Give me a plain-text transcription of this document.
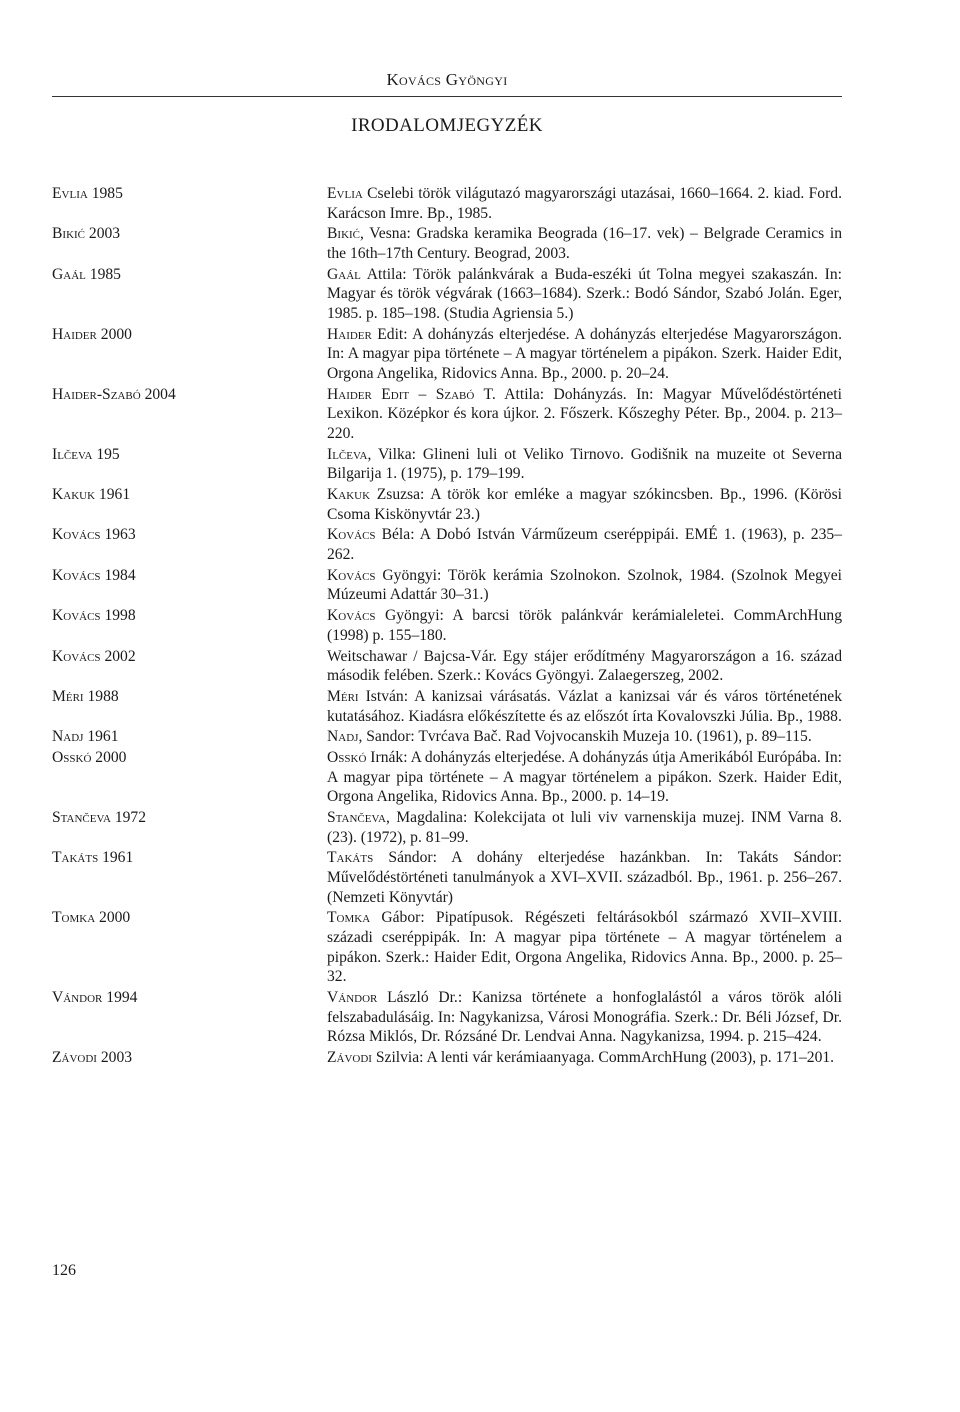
Kovács Gyöngyi
IRODALOMJEGYZÉK
Evlia 1985	Evlia Cselebi török világutazó magyarországi utazásai, 1660–1664. 2. kiad. Ford. Karácson Imre. Bp., 1985.
Bikić 2003	Bikić, Vesna: Gradska keramika Beograda (16–17. vek) – Belgrade Ceramics in the 16th–17th Century. Beograd, 2003.
Gaál 1985	Gaál Attila: Török palánkvárak a Buda-eszéki út Tolna megyei szakaszán. In: Magyar és török végvárak (1663–1684). Szerk.: Bodó Sándor, Szabó Jolán. Eger, 1985. p. 185–198. (Studia Agriensia 5.)
Haider 2000	Haider Edit: A dohányzás elterjedése. A dohányzás elterjedése Magyarországon. In: A magyar pipa története – A magyar történelem a pipákon. Szerk. Haider Edit, Orgona Angelika, Ridovics Anna. Bp., 2000. p. 20–24.
Haider-Szabó 2004	Haider Edit – Szabó T. Attila: Dohányzás. In: Magyar Művelődéstörténeti Lexikon. Középkor és kora újkor. 2. Főszerk. Kőszeghy Péter. Bp., 2004. p. 213–220.
Ilčeva 195	Ilčeva, Vilka: Glineni luli ot Veliko Tirnovo. Godišnik na muzeite ot Severna Bilgarija 1. (1975), p. 179–199.
Kakuk 1961	Kakuk Zsuzsa: A török kor emléke a magyar szókincsben. Bp., 1996. (Körösi Csoma Kiskönyvtár 23.)
Kovács 1963	Kovács Béla: A Dobó István Várműzeum cseréppipái. EMÉ 1. (1963), p. 235–262.
Kovács 1984	Kovács Gyöngyi: Török kerámia Szolnokon. Szolnok, 1984. (Szolnok Megyei Múzeumi Adattár 30–31.)
Kovács 1998	Kovács Gyöngyi: A barcsi török palánkvár kerámialeletei. CommArchHung (1998) p. 155–180.
Kovács 2002	Weitschawar / Bajcsa-Vár. Egy stájer erődítmény Magyarországon a 16. század második felében. Szerk.: Kovács Gyöngyi. Zalaegerszeg, 2002.
Méri 1988	Méri István: A kanizsai várásatás. Vázlat a kanizsai vár és város történetének kutatásához. Kiadásra előkészítette és az előszót írta Kovalovszki Júlia. Bp., 1988.
Nadj 1961	Nadj, Sandor: Tvrćava Bač. Rad Vojvocanskih Muzeja 10. (1961), p. 89–115.
Osskó 2000	Osskó Irnák: A dohányzás elterjedése. A dohányzás útja Amerikából Európába. In: A magyar pipa története – A magyar történelem a pipákon. Szerk. Haider Edit, Orgona Angelika, Ridovics Anna. Bp., 2000. p. 14–19.
Stančeva 1972	Stančeva, Magdalina: Kolekcijata ot luli viv varnenskija muzej. INM Varna 8. (23). (1972), p. 81–99.
Takáts 1961	Takáts Sándor: A dohány elterjedése hazánkban. In: Takáts Sándor: Művelődéstörténeti tanulmányok a XVI–XVII. századból. Bp., 1961. p. 256–267. (Nemzeti Könyvtár)
Tomka 2000	Tomka Gábor: Pipatípusok. Régészeti feltárásokból származó XVII–XVIII. századi cseréppipák. In: A magyar pipa története – A magyar történelem a pipákon. Szerk.: Haider Edit, Orgona Angelika, Ridovics Anna. Bp., 2000. p. 25–32.
Vándor 1994	Vándor László Dr.: Kanizsa története a honfoglalástól a város török alóli felszabadulásáig. In: Nagykanizsa, Városi Monográfia. Szerk.: Dr. Béli József, Dr. Rózsa Miklós, Dr. Rózsáné Dr. Lendvai Anna. Nagykanizsa, 1994. p. 215–424.
Závodi 2003	Závodi Szilvia: A lenti vár kerámiaanyaga. CommArchHung (2003), p. 171–201.
126
